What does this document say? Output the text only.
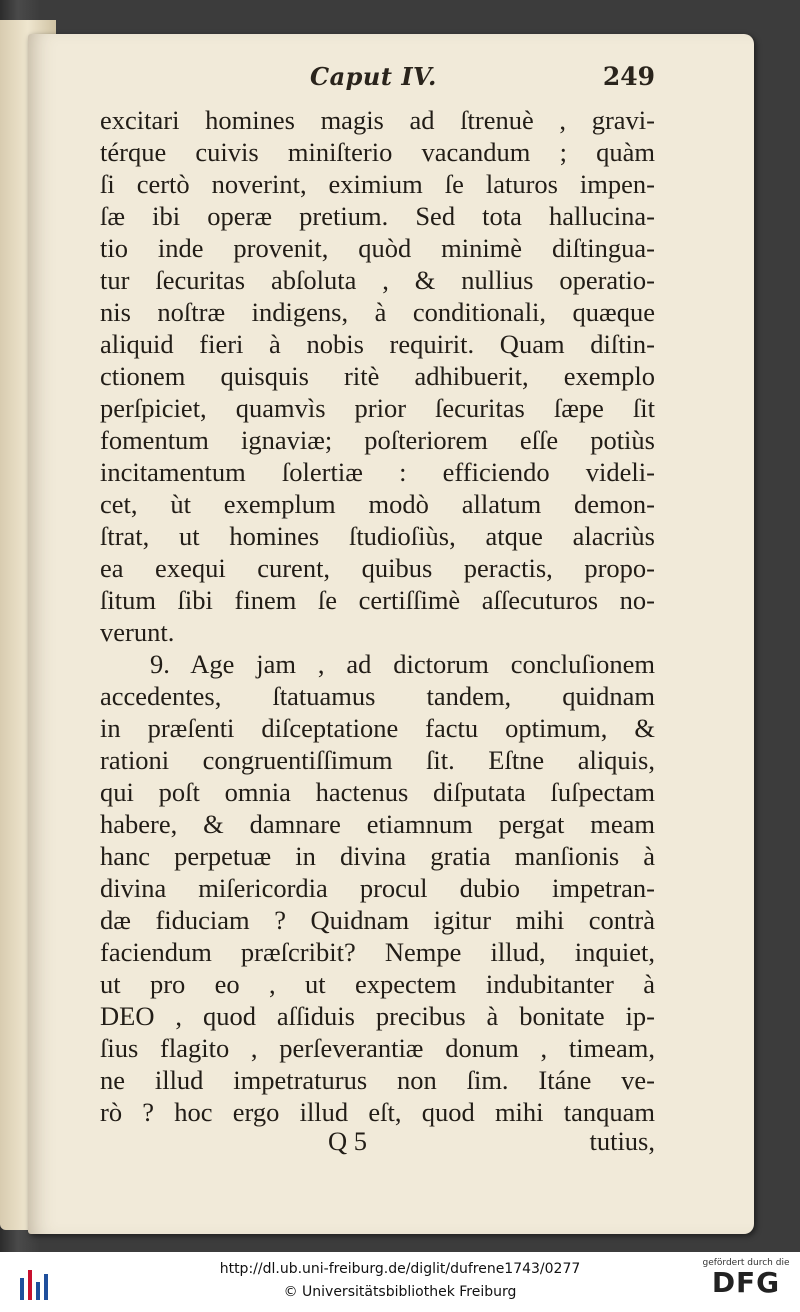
Caput IV.	249
excitari homines magis ad ſtrenuè , gravi-
térque cuivis miniſterio vacandum ; quàm
ſi certò noverint, eximium ſe laturos impen-
ſæ ibi operæ pretium. Sed tota hallucina-
tio inde provenit, quòd minimè diſtingua-
tur ſecuritas abſoluta , & nullius operatio-
nis noſtræ indigens, à conditionali, quæque
aliquid fieri à nobis requirit. Quam diſtin-
ctionem quisquis ritè adhibuerit, exemplo
perſpiciet, quamvìs prior ſecuritas ſæpe ſit
fomentum ignaviæ; poſteriorem eſſe potiùs
incitamentum ſolertiæ : efficiendo videli-
cet, ùt exemplum modò allatum demon-
ſtrat, ut homines ſtudioſiùs, atque alacriùs
ea exequi curent, quibus peractis, propo-
ſitum ſibi finem ſe certiſſimè aſſecuturos no-
verunt.
9. Age jam , ad dictorum concluſionem
accedentes, ſtatuamus tandem, quidnam
in præſenti diſceptatione factu optimum, &
rationi congruentiſſimum ſit. Eſtne aliquis,
qui poſt omnia hactenus diſputata ſuſpectam
habere, & damnare etiamnum pergat meam
hanc perpetuæ in divina gratia manſionis à
divina miſericordia procul dubio impetran-
dæ fiduciam ? Quidnam igitur mihi contrà
faciendum præſcribit? Nempe illud, inquiet,
ut pro eo , ut expectem indubitanter à
DEO , quod aſſiduis precibus à bonitate ip-
ſius flagito , perſeverantiæ donum , timeam,
ne illud impetraturus non ſim. Itáne ve-
rò ? hoc ergo illud eſt, quod mihi tanquam
Q 5	tutius,
http://dl.ub.uni-freiburg.de/diglit/dufrene1743/0277
© Universitätsbibliothek Freiburg
gefördert durch die
DFG
